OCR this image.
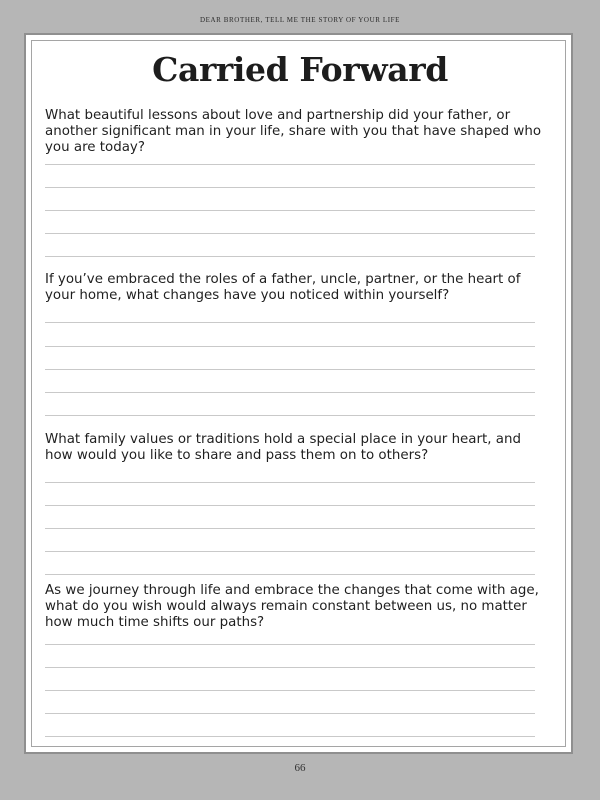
DEAR BROTHER, TELL ME THE STORY OF YOUR LIFE
Carried Forward
What beautiful lessons about love and partnership did your father, or another significant man in your life, share with you that have shaped who you are today?
If you’ve embraced the roles of a father, uncle, partner, or the heart of your home, what changes have you noticed within yourself?
What family values or traditions hold a special place in your heart, and how would you like to share and pass them on to others?
As we journey through life and embrace the changes that come with age, what do you wish would always remain constant between us, no matter how much time shifts our paths?
66
